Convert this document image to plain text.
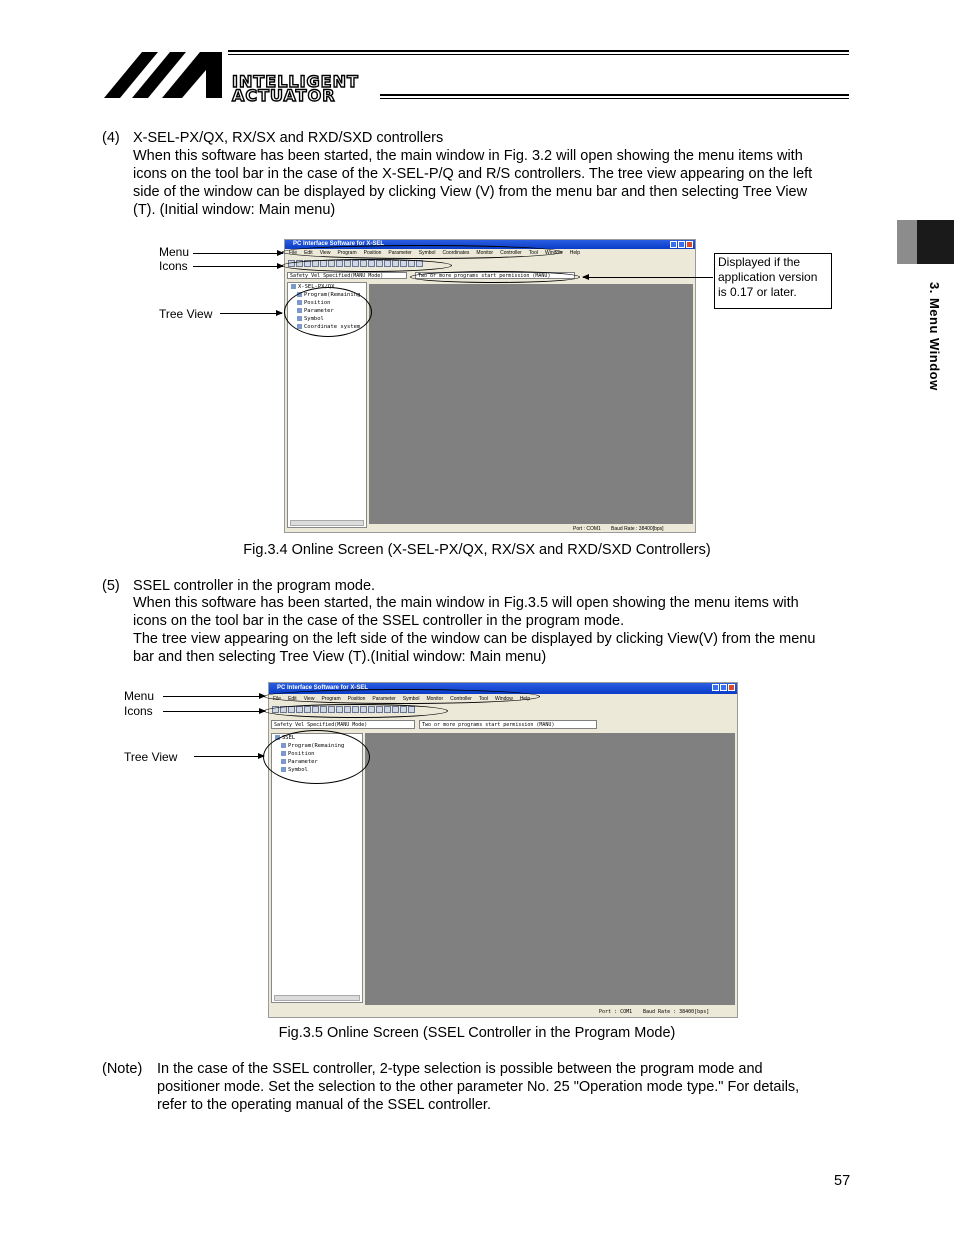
INTELLIGENT
ACTUATOR
3. Menu Window
(4) X-SEL-PX/QX, RX/SX and RXD/SXD controllers
When this software has been started, the main window in Fig. 3.2 will open showing the menu items with
icons on the tool bar in the case of the X-SEL-P/Q and R/S controllers. The tree view appearing on the left
side of the window can be displayed by clicking View (V) from the menu bar and then selecting Tree View
(T). (Initial window: Main menu)
PC Interface Software for X-SEL
File Edit View Program Position Parameter Symbol Coordinates Monitor Controller Tool Window Help
Safety Vel Specified(MANU Mode)	Two or more programs start permission (MANU)
X-SEL-PX/QX
Program(Remaining
Position
Parameter
Symbol
Coordinate system
Port : COM1 Baud Rate : 38400[bps]
Menu
Icons
Tree View
Displayed if the
application version
is 0.17 or later.
Fig.3.4 Online Screen (X-SEL-PX/QX, RX/SX and RXD/SXD Controllers)
(5) SSEL controller in the program mode.
When this software has been started, the main window in Fig.3.5 will open showing the menu items with
icons on the tool bar in the case of the SSEL controller in the program mode.
The tree view appearing on the left side of the window can be displayed by clicking View(V) from the menu
bar and then selecting Tree View (T).(Initial window: Main menu)
PC Interface Software for X-SEL
File Edit View Program Position Parameter Symbol Monitor Controller Tool Window Help
Safety Vel Specified(MANU Mode)	Two or more programs start permission (MANU)
SSEL
Program(Remaining
Position
Parameter
Symbol
Port : COM1 Baud Rate : 38400[bps]
Menu
Icons
Tree View
Fig.3.5 Online Screen (SSEL Controller in the Program Mode)
(Note) In the case of the SSEL controller, 2-type selection is possible between the program mode and
positioner mode. Set the selection to the other parameter No. 25 "Operation mode type." For details,
refer to the operating manual of the SSEL controller.
57
